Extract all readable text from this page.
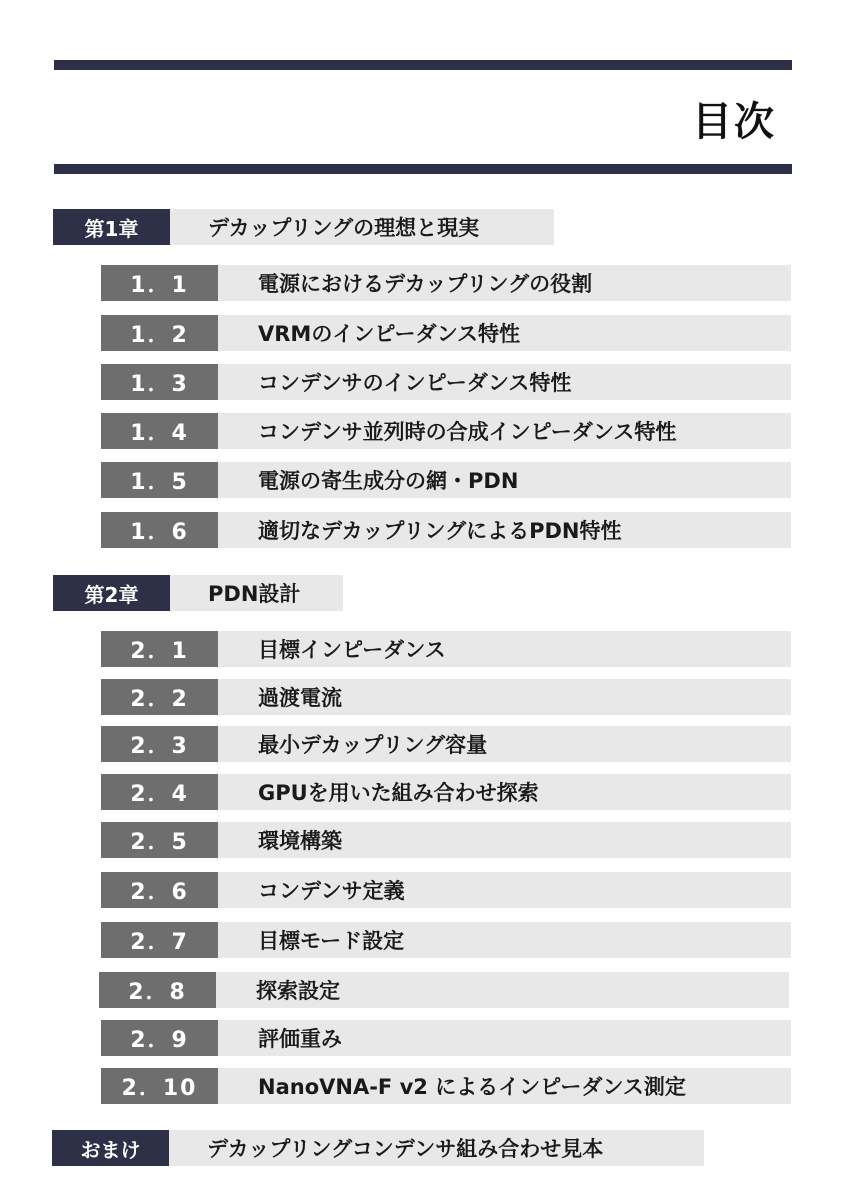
目次
第1章	デカップリングの理想と現実
1．1	電源におけるデカップリングの役割
1．2	VRMのインピーダンス特性
1．3	コンデンサのインピーダンス特性
1．4	コンデンサ並列時の合成インピーダンス特性
1．5	電源の寄生成分の網・PDN
1．6	適切なデカップリングによるPDN特性
第2章	PDN設計
2．1	目標インピーダンス
2．2	過渡電流
2．3	最小デカップリング容量
2．4	GPUを用いた組み合わせ探索
2．5	環境構築
2．6	コンデンサ定義
2．7	目標モード設定
2．8	探索設定
2．9	評価重み
2．10	NanoVNA-F v2 によるインピーダンス測定
おまけ	デカップリングコンデンサ組み合わせ見本
